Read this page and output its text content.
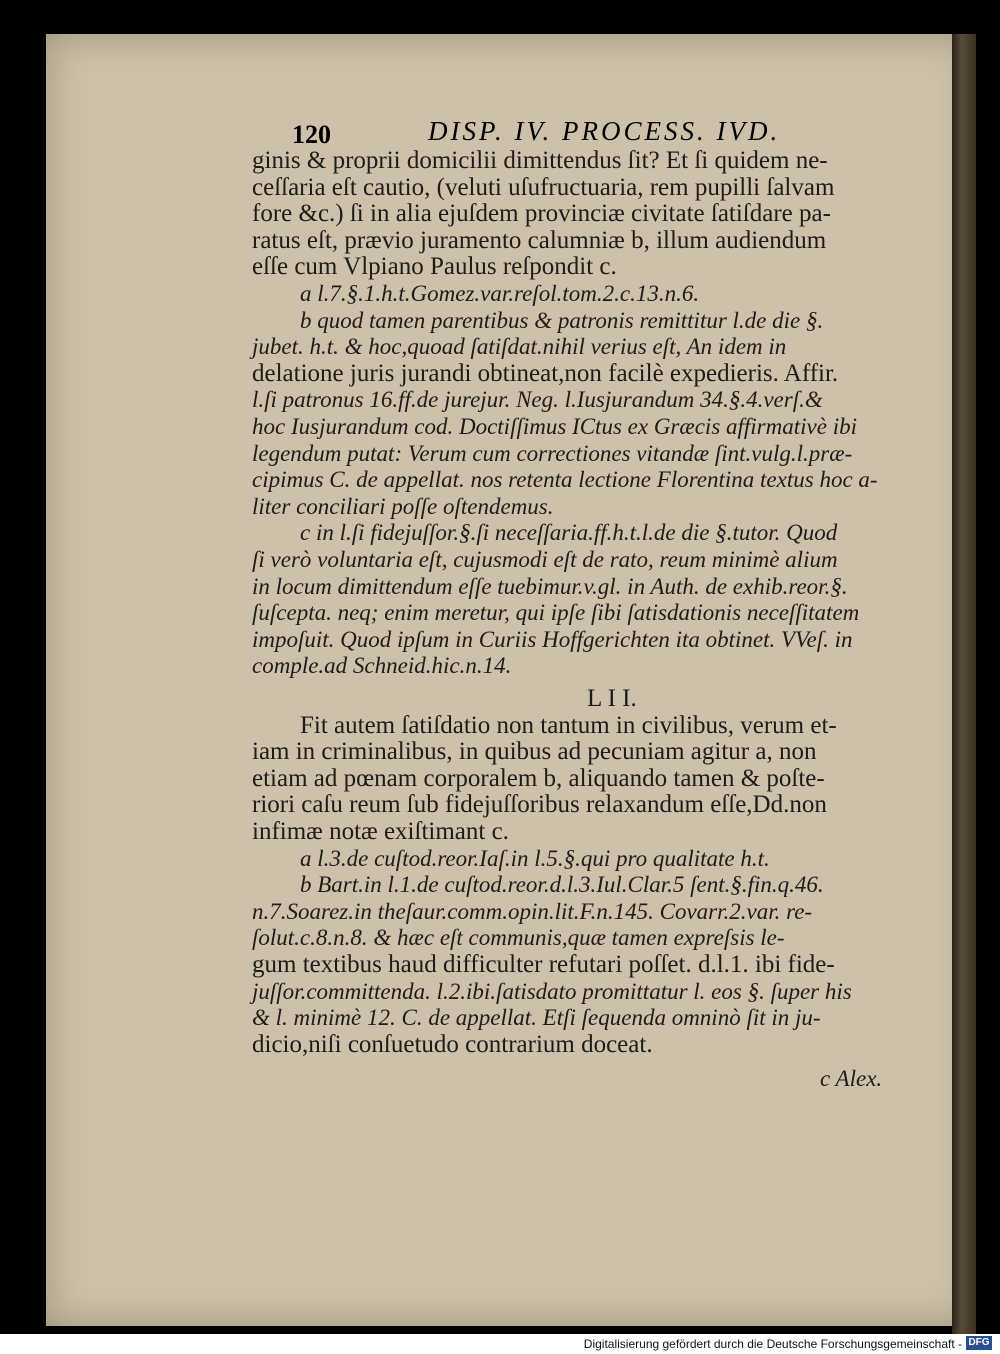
120	DISP. IV. PROCESS. IVD.
ginis & proprii domicilii dimittendus ſit? Et ſi quidem ne-
ceſſaria eſt cautio, (veluti uſufructuaria, rem pupilli ſalvam
fore &c.) ſi in alia ejuſdem provinciæ civitate ſatiſdare pa-
ratus eſt, prævio juramento calumniæ b, illum audiendum
eſſe cum Vlpiano Paulus reſpondit c.
a l.7.§.1.h.t.Gomez.var.reſol.tom.2.c.13.n.6.
b quod tamen parentibus & patronis remittitur l.de die §.
jubet. h.t. & hoc,quoad ſatiſdat.nihil verius eſt, An idem in
delatione juris jurandi obtineat,non facilè expedieris. Affir.
l.ſi patronus 16.ff.de jurejur. Neg. l.Iusjurandum 34.§.4.verſ.&
hoc Iusjurandum cod. Doctiſſimus ICtus ex Græcis affirmativè ibi
legendum putat: Verum cum correctiones vitandæ ſint.vulg.l.præ-
cipimus C. de appellat. nos retenta lectione Florentina textus hoc a-
liter conciliari poſſe oſtendemus.
c in l.ſi fidejuſſor.§.ſi neceſſaria.ff.h.t.l.de die §.tutor. Quod
ſi verò voluntaria eſt, cujusmodi eſt de rato, reum minimè alium
in locum dimittendum eſſe tuebimur.v.gl. in Auth. de exhib.reor.§.
ſuſcepta. neq; enim meretur, qui ipſe ſibi ſatisdationis neceſſitatem
impoſuit. Quod ipſum in Curiis Hoffgerichten ita obtinet. VVeſ. in
comple.ad Schneid.hic.n.14.
L I I.
Fit autem ſatiſdatio non tantum in civilibus, verum et-
iam in criminalibus, in quibus ad pecuniam agitur a, non
etiam ad pœnam corporalem b, aliquando tamen & poſte-
riori caſu reum ſub fidejuſſoribus relaxandum eſſe,Dd.non
infimæ notæ exiſtimant c.
a l.3.de cuſtod.reor.Iaſ.in l.5.§.qui pro qualitate h.t.
b Bart.in l.1.de cuſtod.reor.d.l.3.Iul.Clar.5 ſent.§.fin.q.46.
n.7.Soarez.in theſaur.comm.opin.lit.F.n.145. Covarr.2.var. re-
ſolut.c.8.n.8. & hæc eſt communis,quæ tamen expreſsis le-
gum textibus haud difficulter refutari poſſet. d.l.1. ibi fide-
juſſor.committenda. l.2.ibi.ſatisdato promittatur l. eos §. ſuper his
& l. minimè 12. C. de appellat. Etſi ſequenda omninò ſit in ju-
dicio,niſi conſuetudo contrarium doceat.
c Alex.
Digitalisierung gefördert durch die Deutsche Forschungsgemeinschaft - DFG
